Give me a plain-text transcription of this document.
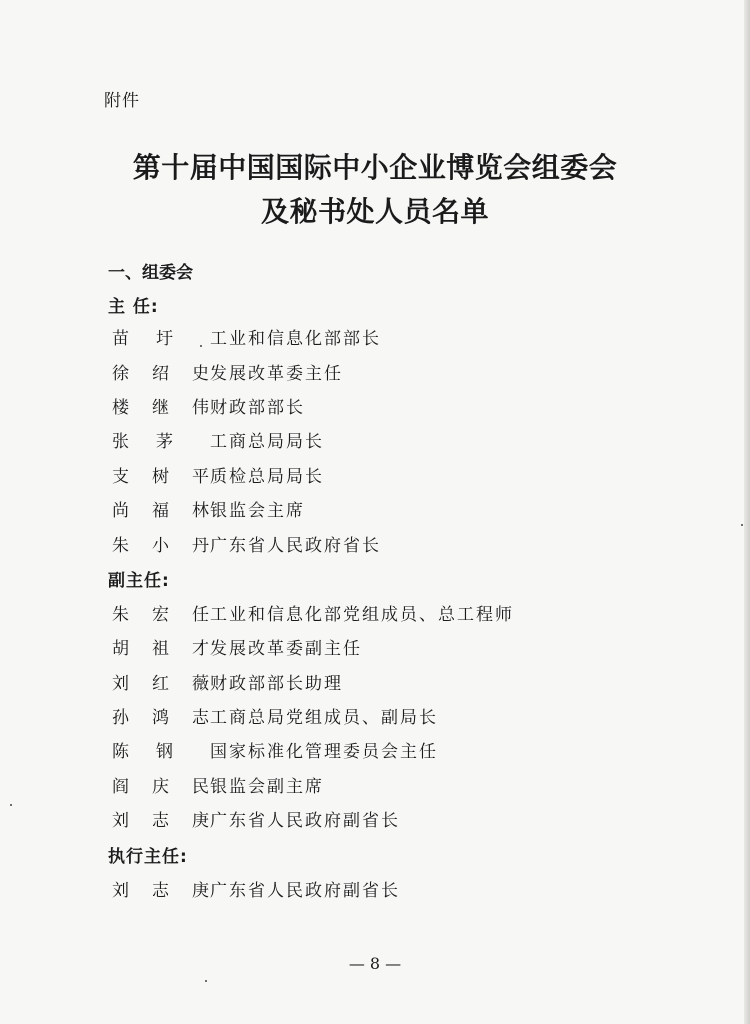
附件
第十届中国国际中小企业博览会组委会
及秘书处人员名单
一、组委会
主 任:
苗 圩 工业和信息化部部长
徐绍史发展改革委主任
楼继伟财政部部长
张 茅 工商总局局长
支树平质检总局局长
尚福林银监会主席
朱小丹广东省人民政府省长
副主任:
朱宏任工业和信息化部党组成员、总工程师
胡祖才发展改革委副主任
刘红薇财政部部长助理
孙鸿志工商总局党组成员、副局长
陈 钢 国家标准化管理委员会主任
阎庆民银监会副主席
刘志庚广东省人民政府副省长
执行主任:
刘志庚广东省人民政府副省长
— 8 —
